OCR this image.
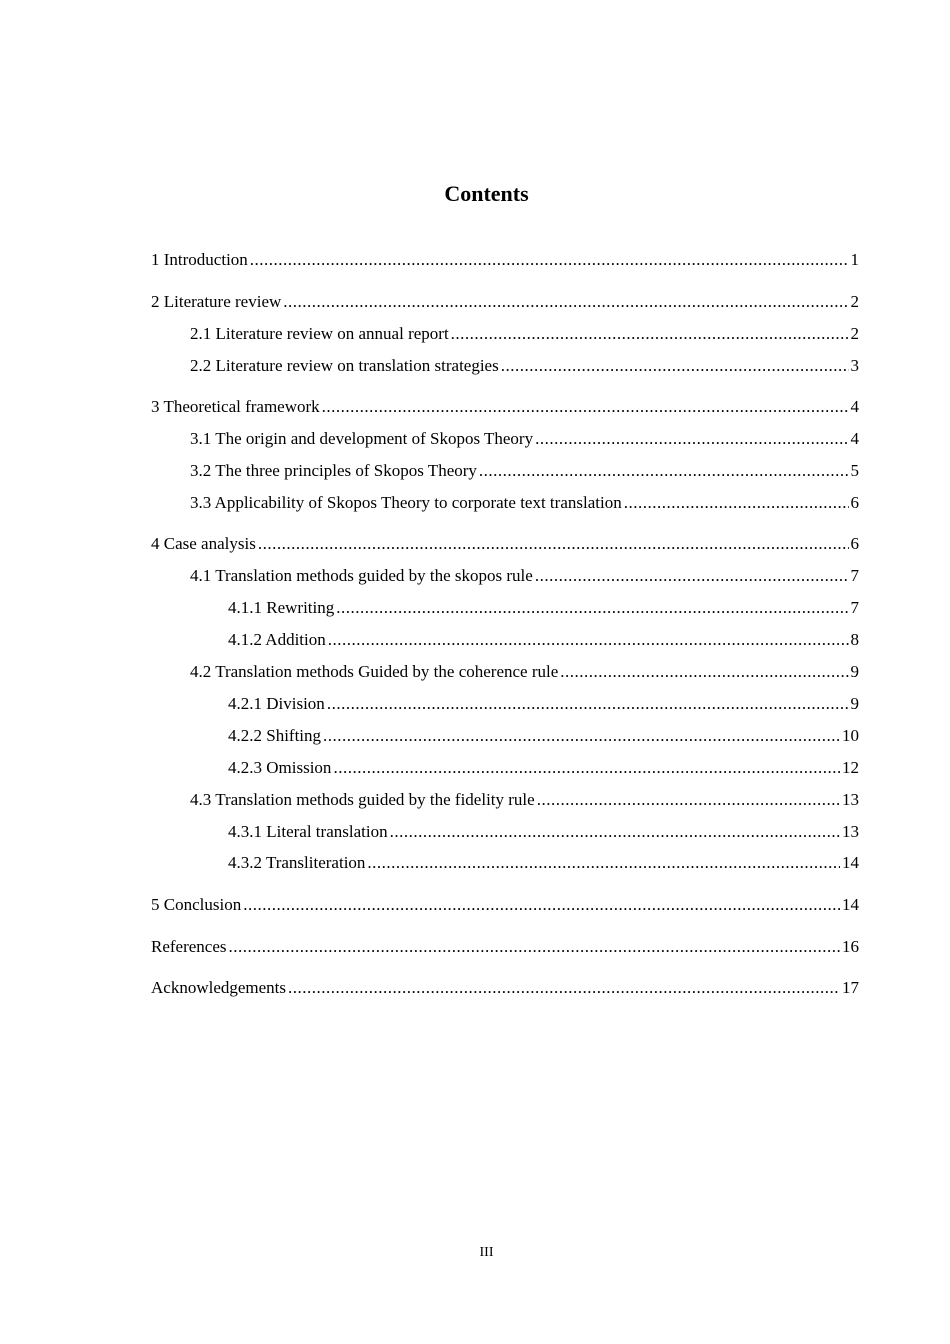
Contents
1 Introduction .....	1
2 Literature review .....	2
2.1 Literature review on annual report .....	2
2.2 Literature review on translation strategies .....	3
3 Theoretical framework .....	4
3.1 The origin and development of Skopos Theory .....	4
3.2 The three principles of Skopos Theory .....	5
3.3 Applicability of Skopos Theory to corporate text translation .....	6
4 Case analysis .....	6
4.1 Translation methods guided by the skopos rule .....	7
4.1.1 Rewriting .....	7
4.1.2 Addition .....	8
4.2 Translation methods Guided by the coherence rule .....	9
4.2.1 Division .....	9
4.2.2 Shifting .....	10
4.2.3 Omission .....	12
4.3 Translation methods guided by the fidelity rule .....	13
4.3.1 Literal translation .....	13
4.3.2 Transliteration .....	14
5 Conclusion .....	14
References .....	16
Acknowledgements .....	17
III
